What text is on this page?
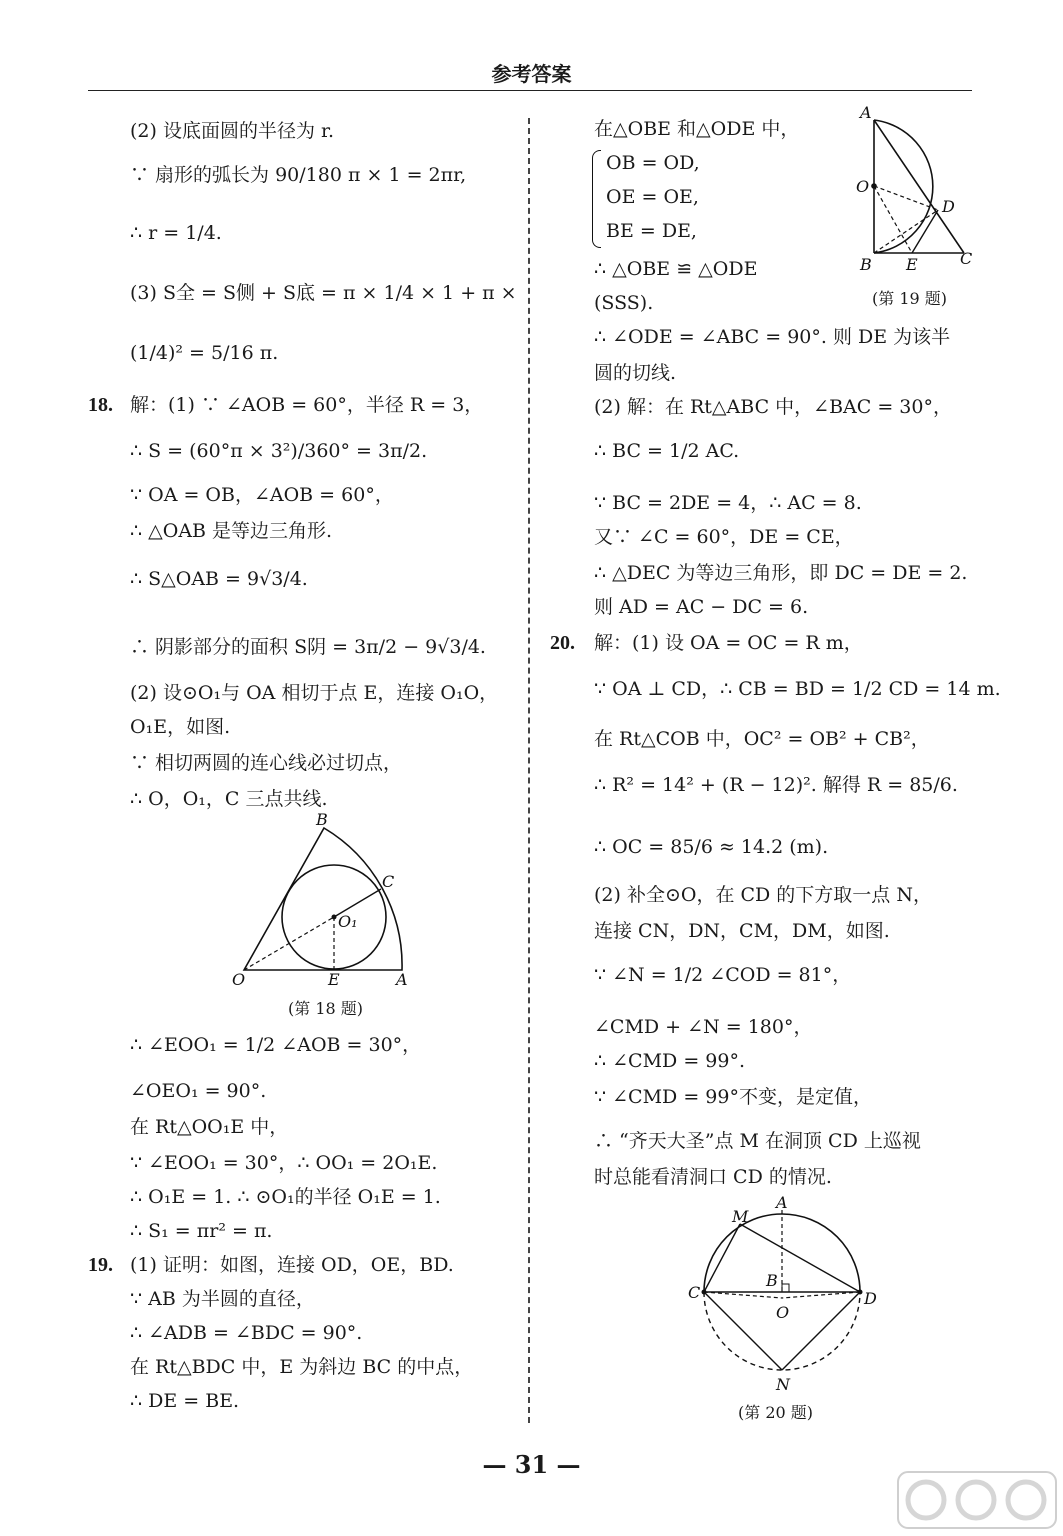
参考答案
(2) 设底面圆的半径为 r.
∵ 扇形的弧长为 90/180 π × 1 = 2πr,
∴ r = 1/4.
(3) S全 = S侧 + S底 = π × 1/4 × 1 + π ×
(1/4)² = 5/16 π.
18. 解：(1) ∵ ∠AOB = 60°，半径 R = 3，
∴ S = (60°π × 3²)/360° = 3π/2.
∵ OA = OB，∠AOB = 60°，
∴ △OAB 是等边三角形.
∴ S△OAB = 9√3/4.
∴ 阴影部分的面积 S阴 = 3π/2 − 9√3/4.
(2) 设⊙O₁与 OA 相切于点 E，连接 O₁O，
O₁E，如图.
∵ 相切两圆的连心线必过切点，
∴ O，O₁，C 三点共线.
B
C
O₁
O	E	A
(第 18 题)
∴ ∠EOO₁ = 1/2 ∠AOB = 30°，
∠OEO₁ = 90°.
在 Rt△OO₁E 中，
∵ ∠EOO₁ = 30°，∴ OO₁ = 2O₁E.
∴ O₁E = 1. ∴ ⊙O₁的半径 O₁E = 1.
∴ S₁ = πr² = π.
19. (1) 证明：如图，连接 OD，OE，BD.
∵ AB 为半圆的直径，
∴ ∠ADB = ∠BDC = 90°.
在 Rt△BDC 中，E 为斜边 BC 的中点，
∴ DE = BE.
在△OBE 和△ODE 中，
OB = OD,
OE = OE,
BE = DE,
∴ △OBE ≌ △ODE
(SSS).
A
O
D
B E	C
(第 19 题)
∴ ∠ODE = ∠ABC = 90°. 则 DE 为该半
圆的切线.
(2) 解：在 Rt△ABC 中，∠BAC = 30°，
∴ BC = 1/2 AC.
∵ BC = 2DE = 4，∴ AC = 8.
又∵ ∠C = 60°，DE = CE，
∴ △DEC 为等边三角形，即 DC = DE = 2.
则 AD = AC − DC = 6.
20. 解：(1) 设 OA = OC = R m，
∵ OA ⊥ CD，∴ CB = BD = 1/2 CD = 14 m.
在 Rt△COB 中，OC² = OB² + CB²，
∴ R² = 14² + (R − 12)². 解得 R = 85/6.
∴ OC = 85/6 ≈ 14.2 (m).
(2) 补全⊙O，在 CD 的下方取一点 N，
连接 CN，DN，CM，DM，如图.
∵ ∠N = 1/2 ∠COD = 81°，
∠CMD + ∠N = 180°，
∴ ∠CMD = 99°.
∵ ∠CMD = 99°不变，是定值，
∴ “齐天大圣”点 M 在洞顶 CD 上巡视
时总能看清洞口 CD 的情况.
M
A
B
C	D
O
N
(第 20 题)
— 31 —
